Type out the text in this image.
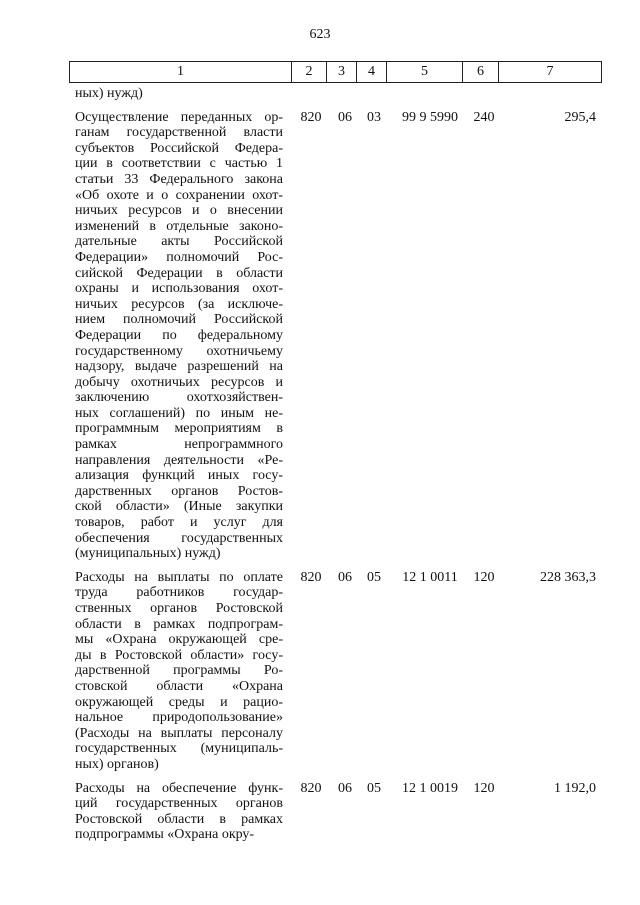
623
1	2	3	4	5	6	7
ных) нужд)
Осуществление переданных ор-
ганам государственной власти
субъектов Российской Федера-
ции в соответствии с частью 1
статьи 33 Федерального закона
«Об охоте и о сохранении охот-
ничьих ресурсов и о внесении
изменений в отдельные законо-
дательные акты Российской
Федерации» полномочий Рос-
сийской Федерации в области
охраны и использования охот-
ничьих ресурсов (за исключе-
нием полномочий Российской
Федерации по федеральному
государственному охотничьему
надзору, выдаче разрешений на
добычу охотничьих ресурсов и
заключению охотхозяйствен-
ных соглашений) по иным не-
программным мероприятиям в
рамках непрограммного
направления деятельности «Ре-
ализация функций иных госу-
дарственных органов Ростов-
ской области» (Иные закупки
товаров, работ и услуг для
обеспечения государственных
(муниципальных) нужд)
820	06	03	99 9 5990	240	295,4
Расходы на выплаты по оплате
труда работников государ-
ственных органов Ростовской
области в рамках подпрограм-
мы «Охрана окружающей сре-
ды в Ростовской области» госу-
дарственной программы Ро-
стовской области «Охрана
окружающей среды и рацио-
нальное природопользование»
(Расходы на выплаты персоналу
государственных (муниципаль-
ных) органов)
820	06	05	12 1 0011	120	228 363,3
Расходы на обеспечение функ-
ций государственных органов
Ростовской области в рамках
подпрограммы «Охрана окру-
820	06	05	12 1 0019	120	1 192,0
